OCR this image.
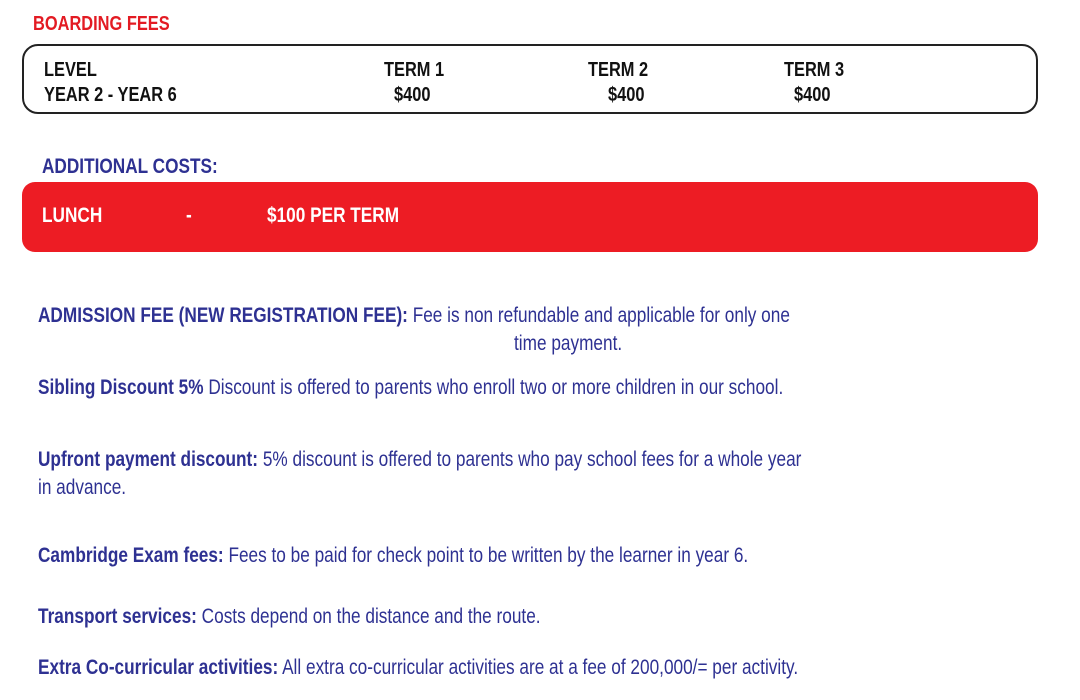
BOARDING FEES
LEVEL	TERM 1	TERM 2	TERM 3
YEAR 2 - YEAR 6	$400	$400	$400
ADDITIONAL COSTS:
LUNCH	-	$100 PER TERM
ADMISSION FEE (NEW REGISTRATION FEE): Fee is non refundable and applicable for only one
time payment.
Sibling Discount 5% Discount is offered to parents who enroll two or more children in our school.
Upfront payment discount: 5% discount is offered to parents who pay school fees for a whole year
in advance.
Cambridge Exam fees: Fees to be paid for check point to be written by the learner in year 6.
Transport services: Costs depend on the distance and the route.
Extra Co-curricular activities: All extra co-curricular activities are at a fee of 200,000/= per activity.
